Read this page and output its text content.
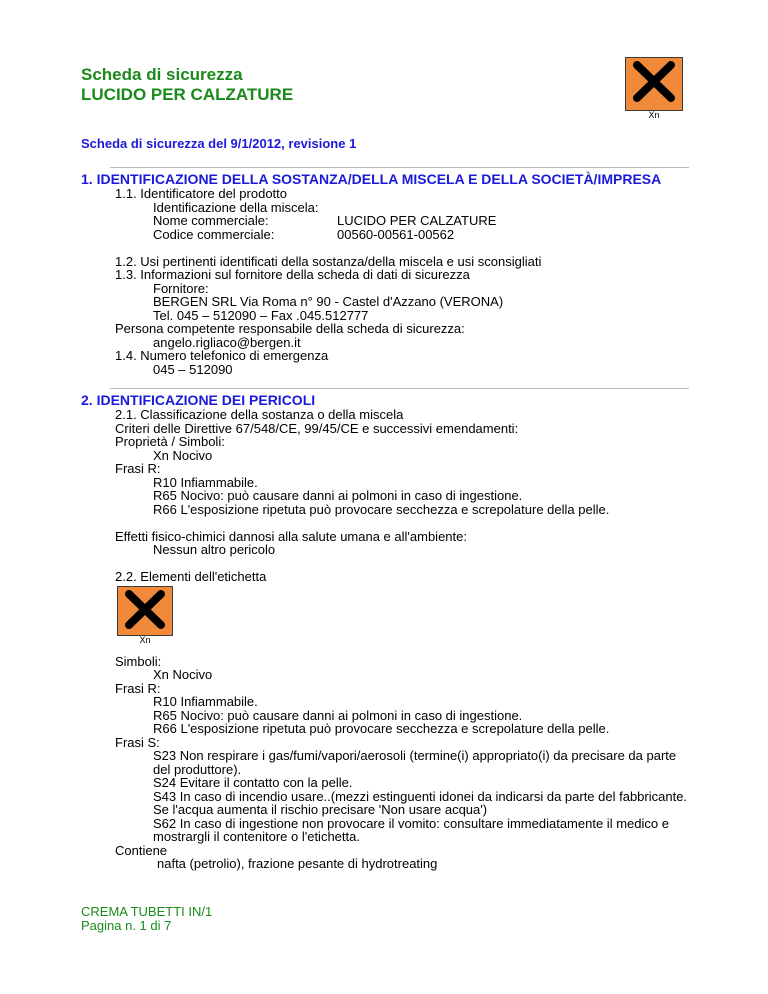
Scheda di sicurezza
LUCIDO PER CALZATURE
Xn
Scheda di sicurezza del 9/1/2012, revisione 1
1. IDENTIFICAZIONE DELLA SOSTANZA/DELLA MISCELA E DELLA SOCIETÀ/IMPRESA
1.1. Identificatore del prodotto
Identificazione della miscela:
Nome commerciale:	LUCIDO PER CALZATURE
Codice commerciale:	00560-00561-00562
1.2. Usi pertinenti identificati della sostanza/della miscela e usi sconsigliati
1.3. Informazioni sul fornitore della scheda di dati di sicurezza
Fornitore:
BERGEN SRL Via Roma n° 90 - Castel d'Azzano (VERONA)
Tel. 045 – 512090 – Fax .045.512777
Persona competente responsabile della scheda di sicurezza:
angelo.rigliaco@bergen.it
1.4. Numero telefonico di emergenza
045 – 512090
2. IDENTIFICAZIONE DEI PERICOLI
2.1. Classificazione della sostanza o della miscela
Criteri delle Direttive 67/548/CE, 99/45/CE e successivi emendamenti:
Proprietà / Simboli:
Xn Nocivo
Frasi R:
R10 Infiammabile.
R65 Nocivo: può causare danni ai polmoni in caso di ingestione.
R66 L'esposizione ripetuta può provocare secchezza e screpolature della pelle.
Effetti fisico-chimici dannosi alla salute umana e all'ambiente:
Nessun altro pericolo
2.2. Elementi dell'etichetta
Xn
Simboli:
Xn Nocivo
Frasi R:
R10 Infiammabile.
R65 Nocivo: può causare danni ai polmoni in caso di ingestione.
R66 L'esposizione ripetuta può provocare secchezza e screpolature della pelle.
Frasi S:
S23 Non respirare i gas/fumi/vapori/aerosoli (termine(i) appropriato(i) da precisare da parte
del produttore).
S24 Evitare il contatto con la pelle.
S43 In caso di incendio usare..(mezzi estinguenti idonei da indicarsi da parte del fabbricante.
Se l'acqua aumenta il rischio precisare 'Non usare acqua')
S62 In caso di ingestione non provocare il vomito: consultare immediatamente il medico e
mostrargli il contenitore o l'etichetta.
Contiene
nafta (petrolio), frazione pesante di hydrotreating
CREMA TUBETTI IN/1
Pagina n. 1 di 7
